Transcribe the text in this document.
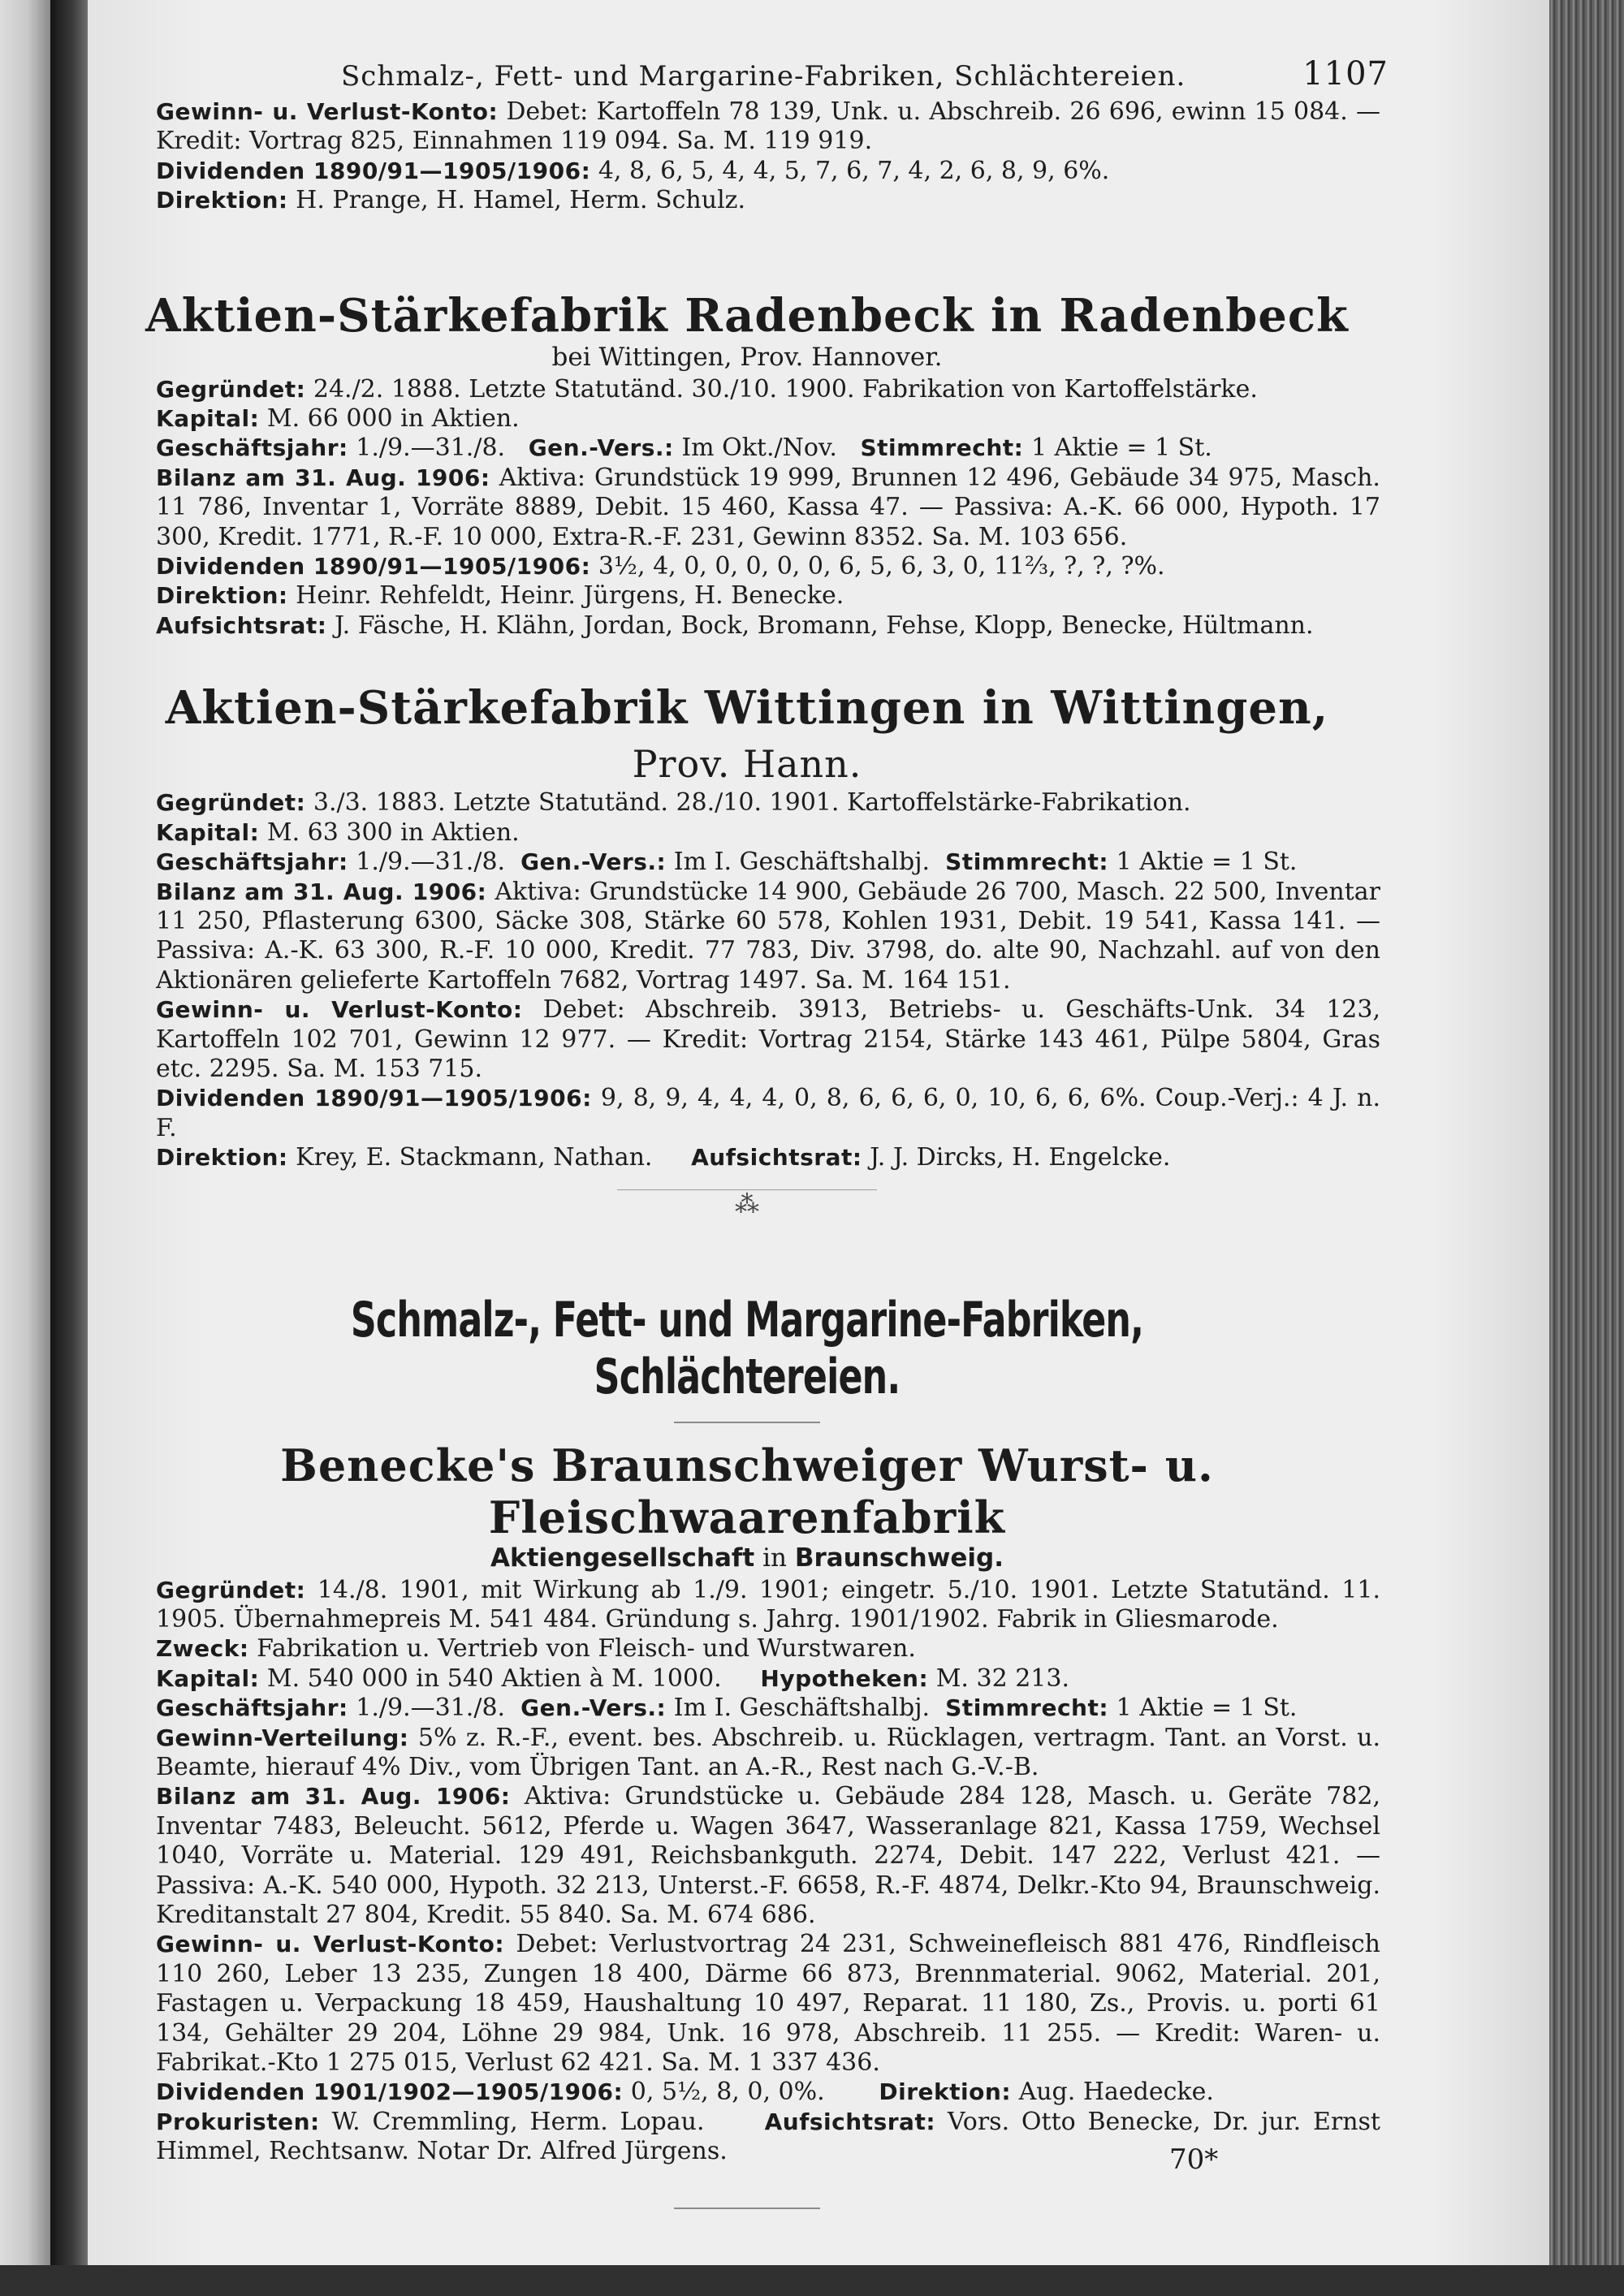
Schmalz-, Fett- und Margarine-Fabriken, Schlächtereien.	1107

Gewinn- u. Verlust-Konto: Debet: Kartoffeln 78 139, Unk. u. Abschreib. 26 696, ewinn 15 084. — Kredit: Vortrag 825, Einnahmen 119 094. Sa. M. 119 919.

Dividenden 1890/91—1905/1906: 4, 8, 6, 5, 4, 4, 5, 7, 6, 7, 4, 2, 6, 8, 9, 6%.

Direktion: H. Prange, H. Hamel, Herm. Schulz.

Aktien-Stärkefabrik Radenbeck in Radenbeck

bei Wittingen, Prov. Hannover.

Gegründet: 24./2. 1888. Letzte Statutänd. 30./10. 1900. Fabrikation von Kartoffelstärke.

Kapital: M. 66 000 in Aktien.

Geschäftsjahr: 1./9.—31./8. Gen.-Vers.: Im Okt./Nov. Stimmrecht: 1 Aktie = 1 St.

Bilanz am 31. Aug. 1906: Aktiva: Grundstück 19 999, Brunnen 12 496, Gebäude 34 975, Masch. 11 786, Inventar 1, Vorräte 8889, Debit. 15 460, Kassa 47. — Passiva: A.-K. 66 000, Hypoth. 17 300, Kredit. 1771, R.-F. 10 000, Extra-R.-F. 231, Gewinn 8352. Sa. M. 103 656.

Dividenden 1890/91—1905/1906: 3½, 4, 0, 0, 0, 0, 0, 6, 5, 6, 3, 0, 11⅔, ?, ?, ?%.

Direktion: Heinr. Rehfeldt, Heinr. Jürgens, H. Benecke.

Aufsichtsrat: J. Fäsche, H. Klähn, Jordan, Bock, Bromann, Fehse, Klopp, Benecke, Hültmann.

Aktien-Stärkefabrik Wittingen in Wittingen, Prov. Hann.

Gegründet: 3./3. 1883. Letzte Statutänd. 28./10. 1901. Kartoffelstärke-Fabrikation.

Kapital: M. 63 300 in Aktien.

Geschäftsjahr: 1./9.—31./8. Gen.-Vers.: Im I. Geschäftshalbj. Stimmrecht: 1 Aktie = 1 St.

Bilanz am 31. Aug. 1906: Aktiva: Grundstücke 14 900, Gebäude 26 700, Masch. 22 500, Inventar 11 250, Pflasterung 6300, Säcke 308, Stärke 60 578, Kohlen 1931, Debit. 19 541, Kassa 141. — Passiva: A.-K. 63 300, R.-F. 10 000, Kredit. 77 783, Div. 3798, do. alte 90, Nachzahl. auf von den Aktionären gelieferte Kartoffeln 7682, Vortrag 1497. Sa. M. 164 151.

Gewinn- u. Verlust-Konto: Debet: Abschreib. 3913, Betriebs- u. Geschäfts-Unk. 34 123, Kartoffeln 102 701, Gewinn 12 977. — Kredit: Vortrag 2154, Stärke 143 461, Pülpe 5804, Gras etc. 2295. Sa. M. 153 715.

Dividenden 1890/91—1905/1906: 9, 8, 9, 4, 4, 4, 0, 8, 6, 6, 6, 0, 10, 6, 6, 6%. Coup.-Verj.: 4 J. n. F.

Direktion: Krey, E. Stackmann, Nathan. Aufsichtsrat: J. J. Dircks, H. Engelcke.

⁂

Schmalz-, Fett- und Margarine-Fabriken, Schlächtereien.

Benecke's Braunschweiger Wurst- u. Fleischwaarenfabrik

Aktiengesellschaft in Braunschweig.

Gegründet: 14./8. 1901, mit Wirkung ab 1./9. 1901; eingetr. 5./10. 1901. Letzte Statutänd. 11. 1905. Übernahmepreis M. 541 484. Gründung s. Jahrg. 1901/1902. Fabrik in Gliesmarode.

Zweck: Fabrikation u. Vertrieb von Fleisch- und Wurstwaren.

Kapital: M. 540 000 in 540 Aktien à M. 1000. Hypotheken: M. 32 213.

Geschäftsjahr: 1./9.—31./8. Gen.-Vers.: Im I. Geschäftshalbj. Stimmrecht: 1 Aktie = 1 St.

Gewinn-Verteilung: 5% z. R.-F., event. bes. Abschreib. u. Rücklagen, vertragm. Tant. an Vorst. u. Beamte, hierauf 4% Div., vom Übrigen Tant. an A.-R., Rest nach G.-V.-B.

Bilanz am 31. Aug. 1906: Aktiva: Grundstücke u. Gebäude 284 128, Masch. u. Geräte 782, Inventar 7483, Beleucht. 5612, Pferde u. Wagen 3647, Wasseranlage 821, Kassa 1759, Wechsel 1040, Vorräte u. Material. 129 491, Reichsbankguth. 2274, Debit. 147 222, Verlust 421. — Passiva: A.-K. 540 000, Hypoth. 32 213, Unterst.-F. 6658, R.-F. 4874, Delkr.-Kto 94, Braunschweig. Kreditanstalt 27 804, Kredit. 55 840. Sa. M. 674 686.

Gewinn- u. Verlust-Konto: Debet: Verlustvortrag 24 231, Schweinefleisch 881 476, Rindfleisch 110 260, Leber 13 235, Zungen 18 400, Därme 66 873, Brennmaterial. 9062, Material. 201, Fastagen u. Verpackung 18 459, Haushaltung 10 497, Reparat. 11 180, Zs., Provis. u. porti 61 134, Gehälter 29 204, Löhne 29 984, Unk. 16 978, Abschreib. 11 255. — Kredit: Waren- u. Fabrikat.-Kto 1 275 015, Verlust 62 421. Sa. M. 1 337 436.

Dividenden 1901/1902—1905/1906: 0, 5½, 8, 0, 0%. Direktion: Aug. Haedecke.

Prokuristen: W. Cremmling, Herm. Lopau.	Aufsichtsrat: Vors. Otto Benecke, Dr. jur. Ernst Himmel, Rechtsanw. Notar Dr. Alfred Jürgens.	70*
